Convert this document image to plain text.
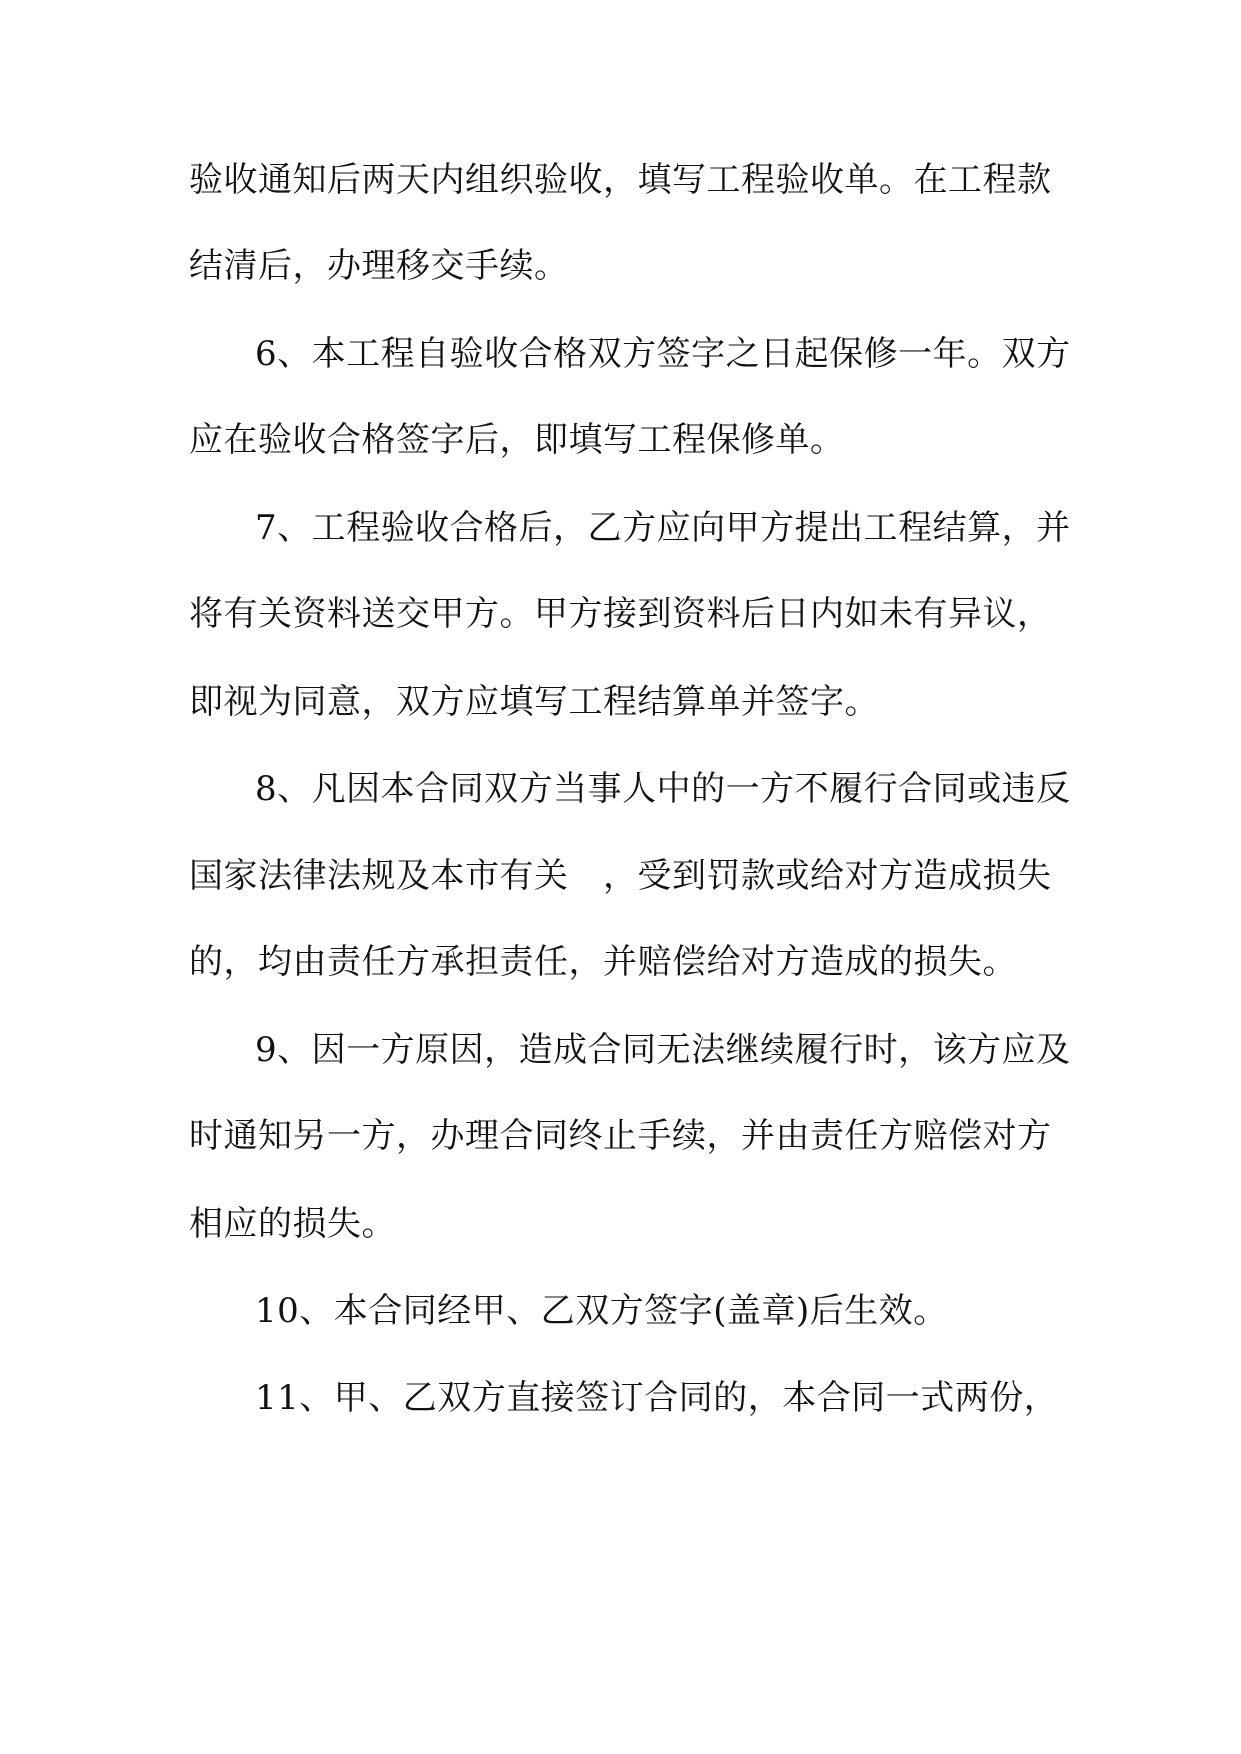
验收通知后两天内组织验收，填写工程验收单。在工程款
结清后，办理移交手续。
6、本工程自验收合格双方签字之日起保修一年。双方
应在验收合格签字后，即填写工程保修单。
7、工程验收合格后，乙方应向甲方提出工程结算，并
将有关资料送交甲方。甲方接到资料后日内如未有异议，
即视为同意，双方应填写工程结算单并签字。
8、凡因本合同双方当事人中的一方不履行合同或违反
国家法律法规及本市有关　，受到罚款或给对方造成损失
的，均由责任方承担责任，并赔偿给对方造成的损失。
9、因一方原因，造成合同无法继续履行时，该方应及
时通知另一方，办理合同终止手续，并由责任方赔偿对方
相应的损失。
10、本合同经甲、乙双方签字(盖章)后生效。
11、甲、乙双方直接签订合同的，本合同一式两份，
